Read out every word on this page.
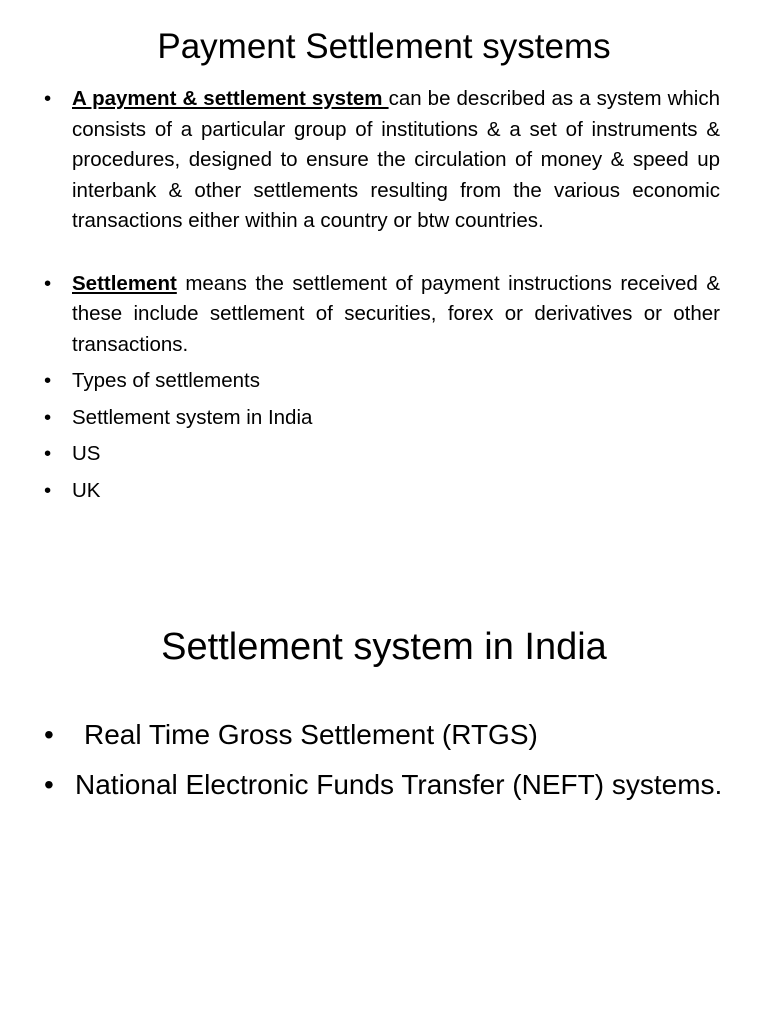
Payment Settlement systems
• A payment & settlement system can be described as a system which consists of a particular group of institutions & a set of instruments & procedures, designed to ensure the circulation of money & speed up interbank & other settlements resulting from the various economic transactions either within a country or btw countries.
• Settlement means the settlement of payment instructions received & these include settlement of securities, forex or derivatives or other transactions.
• Types of settlements
• Settlement system in India
• US
• UK
Settlement system in India
• Real Time Gross Settlement (RTGS)
• National Electronic Funds Transfer (NEFT) systems.
